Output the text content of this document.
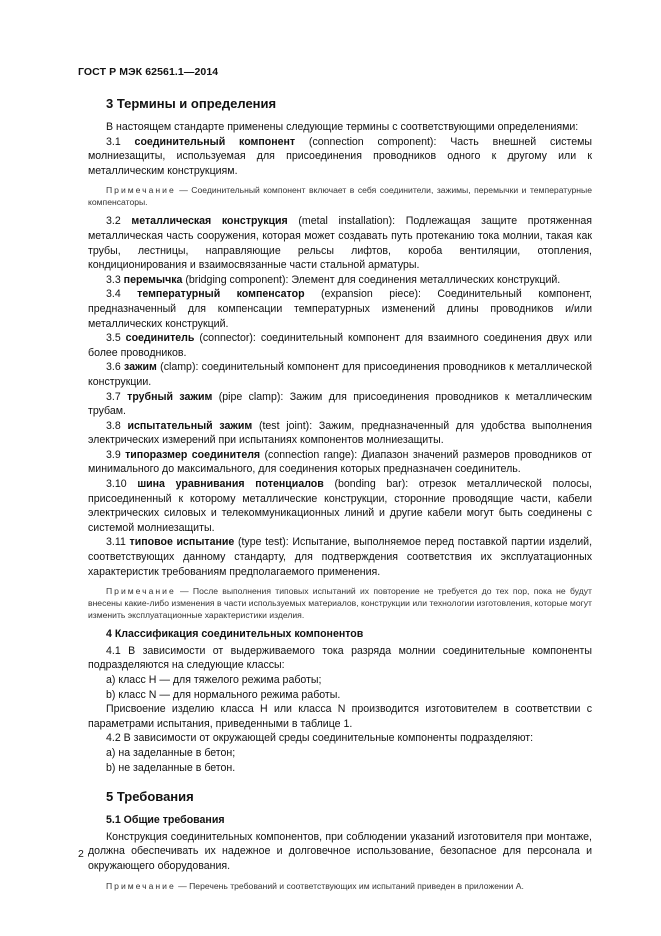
ГОСТ Р МЭК 62561.1—2014
3 Термины и определения

В настоящем стандарте применены следующие термины с соответствующими определениями:

3.1 соединительный компонент (connection component): Часть внешней системы молниезащиты, используемая для присоединения проводников одного к другому или к металлическим конструкциям.

Примечание — Соединительный компонент включает в себя соединители, зажимы, перемычки и температурные компенсаторы.

3.2 металлическая конструкция (metal installation): Подлежащая защите протяженная металлическая часть сооружения, которая может создавать путь протеканию тока молнии, такая как трубы, лестницы, направляющие рельсы лифтов, короба вентиляции, отопления, кондиционирования и взаимосвязанные части стальной арматуры.

3.3 перемычка (bridging component): Элемент для соединения металлических конструкций.

3.4 температурный компенсатор (expansion piece): Соединительный компонент, предназначенный для компенсации температурных изменений длины проводников и/или металлических конструкций.

3.5 соединитель (connector): соединительный компонент для взаимного соединения двух или более проводников.

3.6 зажим (clamp): соединительный компонент для присоединения проводников к металлической конструкции.

3.7 трубный зажим (pipe clamp): Зажим для присоединения проводников к металлическим трубам.

3.8 испытательный зажим (test joint): Зажим, предназначенный для удобства выполнения электрических измерений при испытаниях компонентов молниезащиты.

3.9 типоразмер соединителя (connection range): Диапазон значений размеров проводников от минимального до максимального, для соединения которых предназначен соединитель.

3.10 шина уравнивания потенциалов (bonding bar): отрезок металлической полосы, присоединенный к которому металлические конструкции, сторонние проводящие части, кабели электрических силовых и телекоммуникационных линий и другие кабели могут быть соединены с системой молниезащиты.

3.11 типовое испытание (type test): Испытание, выполняемое перед поставкой партии изделий, соответствующих данному стандарту, для подтверждения соответствия их эксплуатационных характеристик требованиям предполагаемого применения.

Примечание — После выполнения типовых испытаний их повторение не требуется до тех пор, пока не будут внесены какие-либо изменения в части используемых материалов, конструкции или технологии изготовления, которые могут изменить эксплуатационные характеристики изделия.
4 Классификация соединительных компонентов

4.1 В зависимости от выдерживаемого тока разряда молнии соединительные компоненты подразделяются на следующие классы:

a) класс H — для тяжелого режима работы;

b) класс N — для нормального режима работы.

Присвоение изделию класса H или класса N производится изготовителем в соответствии с параметрами испытания, приведенными в таблице 1.

4.2 В зависимости от окружающей среды соединительные компоненты подразделяют:

a) на заделанные в бетон;

b) не заделанные в бетон.

5 Требования
5.1 Общие требования

Конструкция соединительных компонентов, при соблюдении указаний изготовителя при монтаже, должна обеспечивать их надежное и долговечное использование, безопасное для персонала и окружающего оборудования.

Примечание — Перечень требований и соответствующих им испытаний приведен в приложении А.
2
